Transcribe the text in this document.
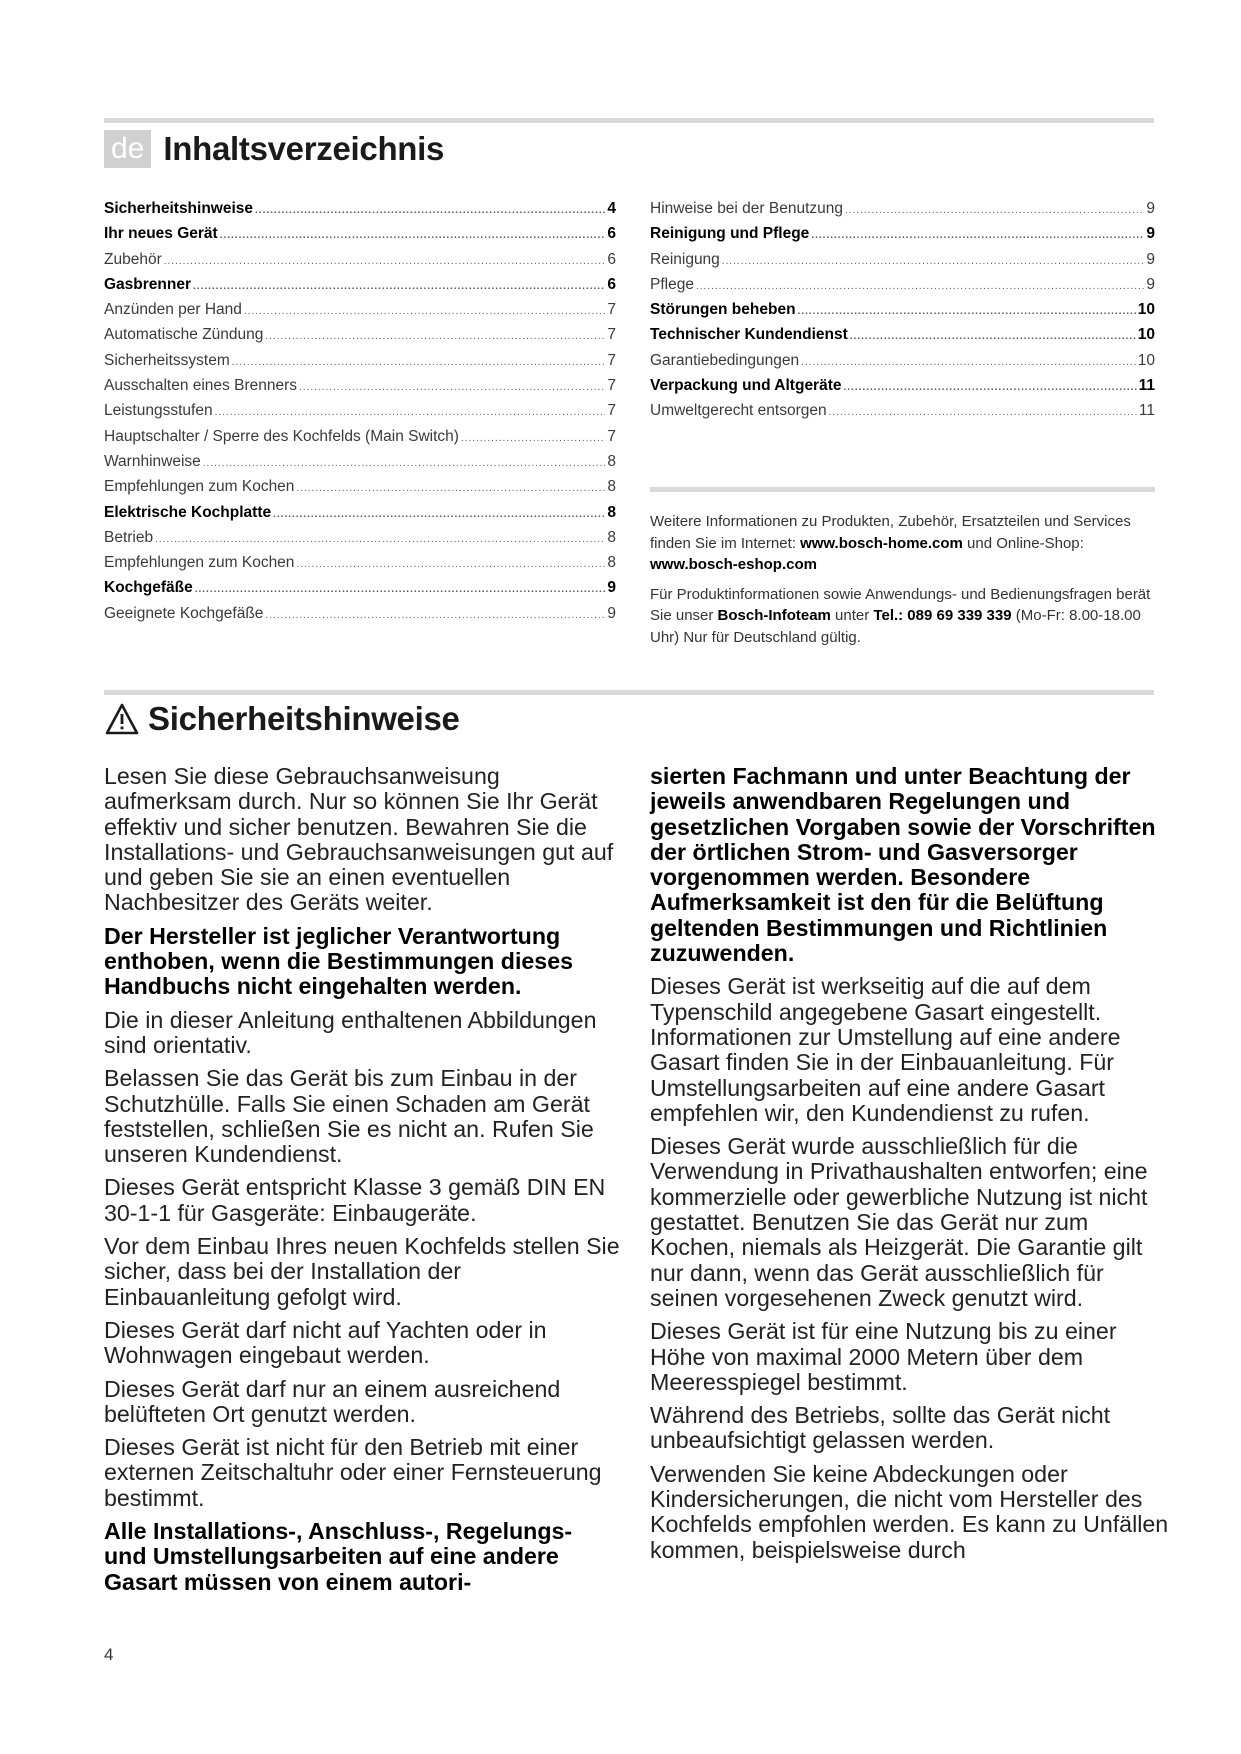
de Inhaltsverzeichnis
Sicherheitshinweise .....	4
Ihr neues Gerät .....	6
Zubehör .....	6
Gasbrenner .....	6
Anzünden per Hand .....	7
Automatische Zündung .....	7
Sicherheitssystem .....	7
Ausschalten eines Brenners .....	7
Leistungsstufen .....	7
Hauptschalter / Sperre des Kochfelds (Main Switch) .....	7
Warnhinweise .....	8
Empfehlungen zum Kochen .....	8
Elektrische Kochplatte .....	8
Betrieb .....	8
Empfehlungen zum Kochen .....	8
Kochgefäße .....	9
Geeignete Kochgefäße .....	9
Hinweise bei der Benutzung .....	9
Reinigung und Pflege .....	9
Reinigung .....	9
Pflege .....	9
Störungen beheben .....	10
Technischer Kundendienst .....	10
Garantiebedingungen .....	10
Verpackung und Altgeräte .....	11
Umweltgerecht entsorgen .....	11

Weitere Informationen zu Produkten, Zubehör, Ersatzteilen und Services finden Sie im Internet: www.bosch-home.com und Online-Shop: www.bosch-eshop.com

Für Produktinformationen sowie Anwendungs- und Bedienungsfragen berät Sie unser Bosch-Infoteam unter Tel.: 089 69 339 339 (Mo-Fr: 8.00-18.00 Uhr) Nur für Deutschland gültig.

Sicherheitshinweise

Lesen Sie diese Gebrauchsanweisung aufmerksam durch. Nur so können Sie Ihr Gerät effektiv und sicher benutzen. Bewahren Sie die Installations- und Gebrauchsanweisungen gut auf und geben Sie sie an einen eventuellen Nachbesitzer des Geräts weiter.

Der Hersteller ist jeglicher Verantwortung enthoben, wenn die Bestimmungen dieses Handbuchs nicht eingehalten werden.

Die in dieser Anleitung enthaltenen Abbildungen sind orientativ.

Belassen Sie das Gerät bis zum Einbau in der Schutzhülle. Falls Sie einen Schaden am Gerät feststellen, schließen Sie es nicht an. Rufen Sie unseren Kundendienst.

Dieses Gerät entspricht Klasse 3 gemäß DIN EN 30-1-1 für Gasgeräte: Einbaugeräte.

Vor dem Einbau Ihres neuen Kochfelds stellen Sie sicher, dass bei der Installation der Einbauanleitung gefolgt wird.

Dieses Gerät darf nicht auf Yachten oder in Wohnwagen eingebaut werden.

Dieses Gerät darf nur an einem ausreichend belüfteten Ort genutzt werden.

Dieses Gerät ist nicht für den Betrieb mit einer externen Zeitschaltuhr oder einer Fernsteuerung bestimmt.

Alle Installations-, Anschluss-, Regelungs- und Umstellungsarbeiten auf eine andere Gasart müssen von einem autori-

sierten Fachmann und unter Beachtung der jeweils anwendbaren Regelungen und gesetzlichen Vorgaben sowie der Vorschriften der örtlichen Strom- und Gasversorger vorgenommen werden. Besondere Aufmerksamkeit ist den für die Belüftung geltenden Bestimmungen und Richtlinien zuzuwenden.

Dieses Gerät ist werkseitig auf die auf dem Typenschild angegebene Gasart eingestellt. Informationen zur Umstellung auf eine andere Gasart finden Sie in der Einbauanleitung. Für Umstellungsarbeiten auf eine andere Gasart empfehlen wir, den Kundendienst zu rufen.

Dieses Gerät wurde ausschließlich für die Verwendung in Privathaushalten entworfen; eine kommerzielle oder gewerbliche Nutzung ist nicht gestattet. Benutzen Sie das Gerät nur zum Kochen, niemals als Heizgerät. Die Garantie gilt nur dann, wenn das Gerät ausschließlich für seinen vorgesehenen Zweck genutzt wird.

Dieses Gerät ist für eine Nutzung bis zu einer Höhe von maximal 2000 Metern über dem Meeresspiegel bestimmt.

Während des Betriebs, sollte das Gerät nicht unbeaufsichtigt gelassen werden.

Verwenden Sie keine Abdeckungen oder Kindersicherungen, die nicht vom Hersteller des Kochfelds empfohlen werden. Es kann zu Unfällen kommen, beispielsweise durch

4
